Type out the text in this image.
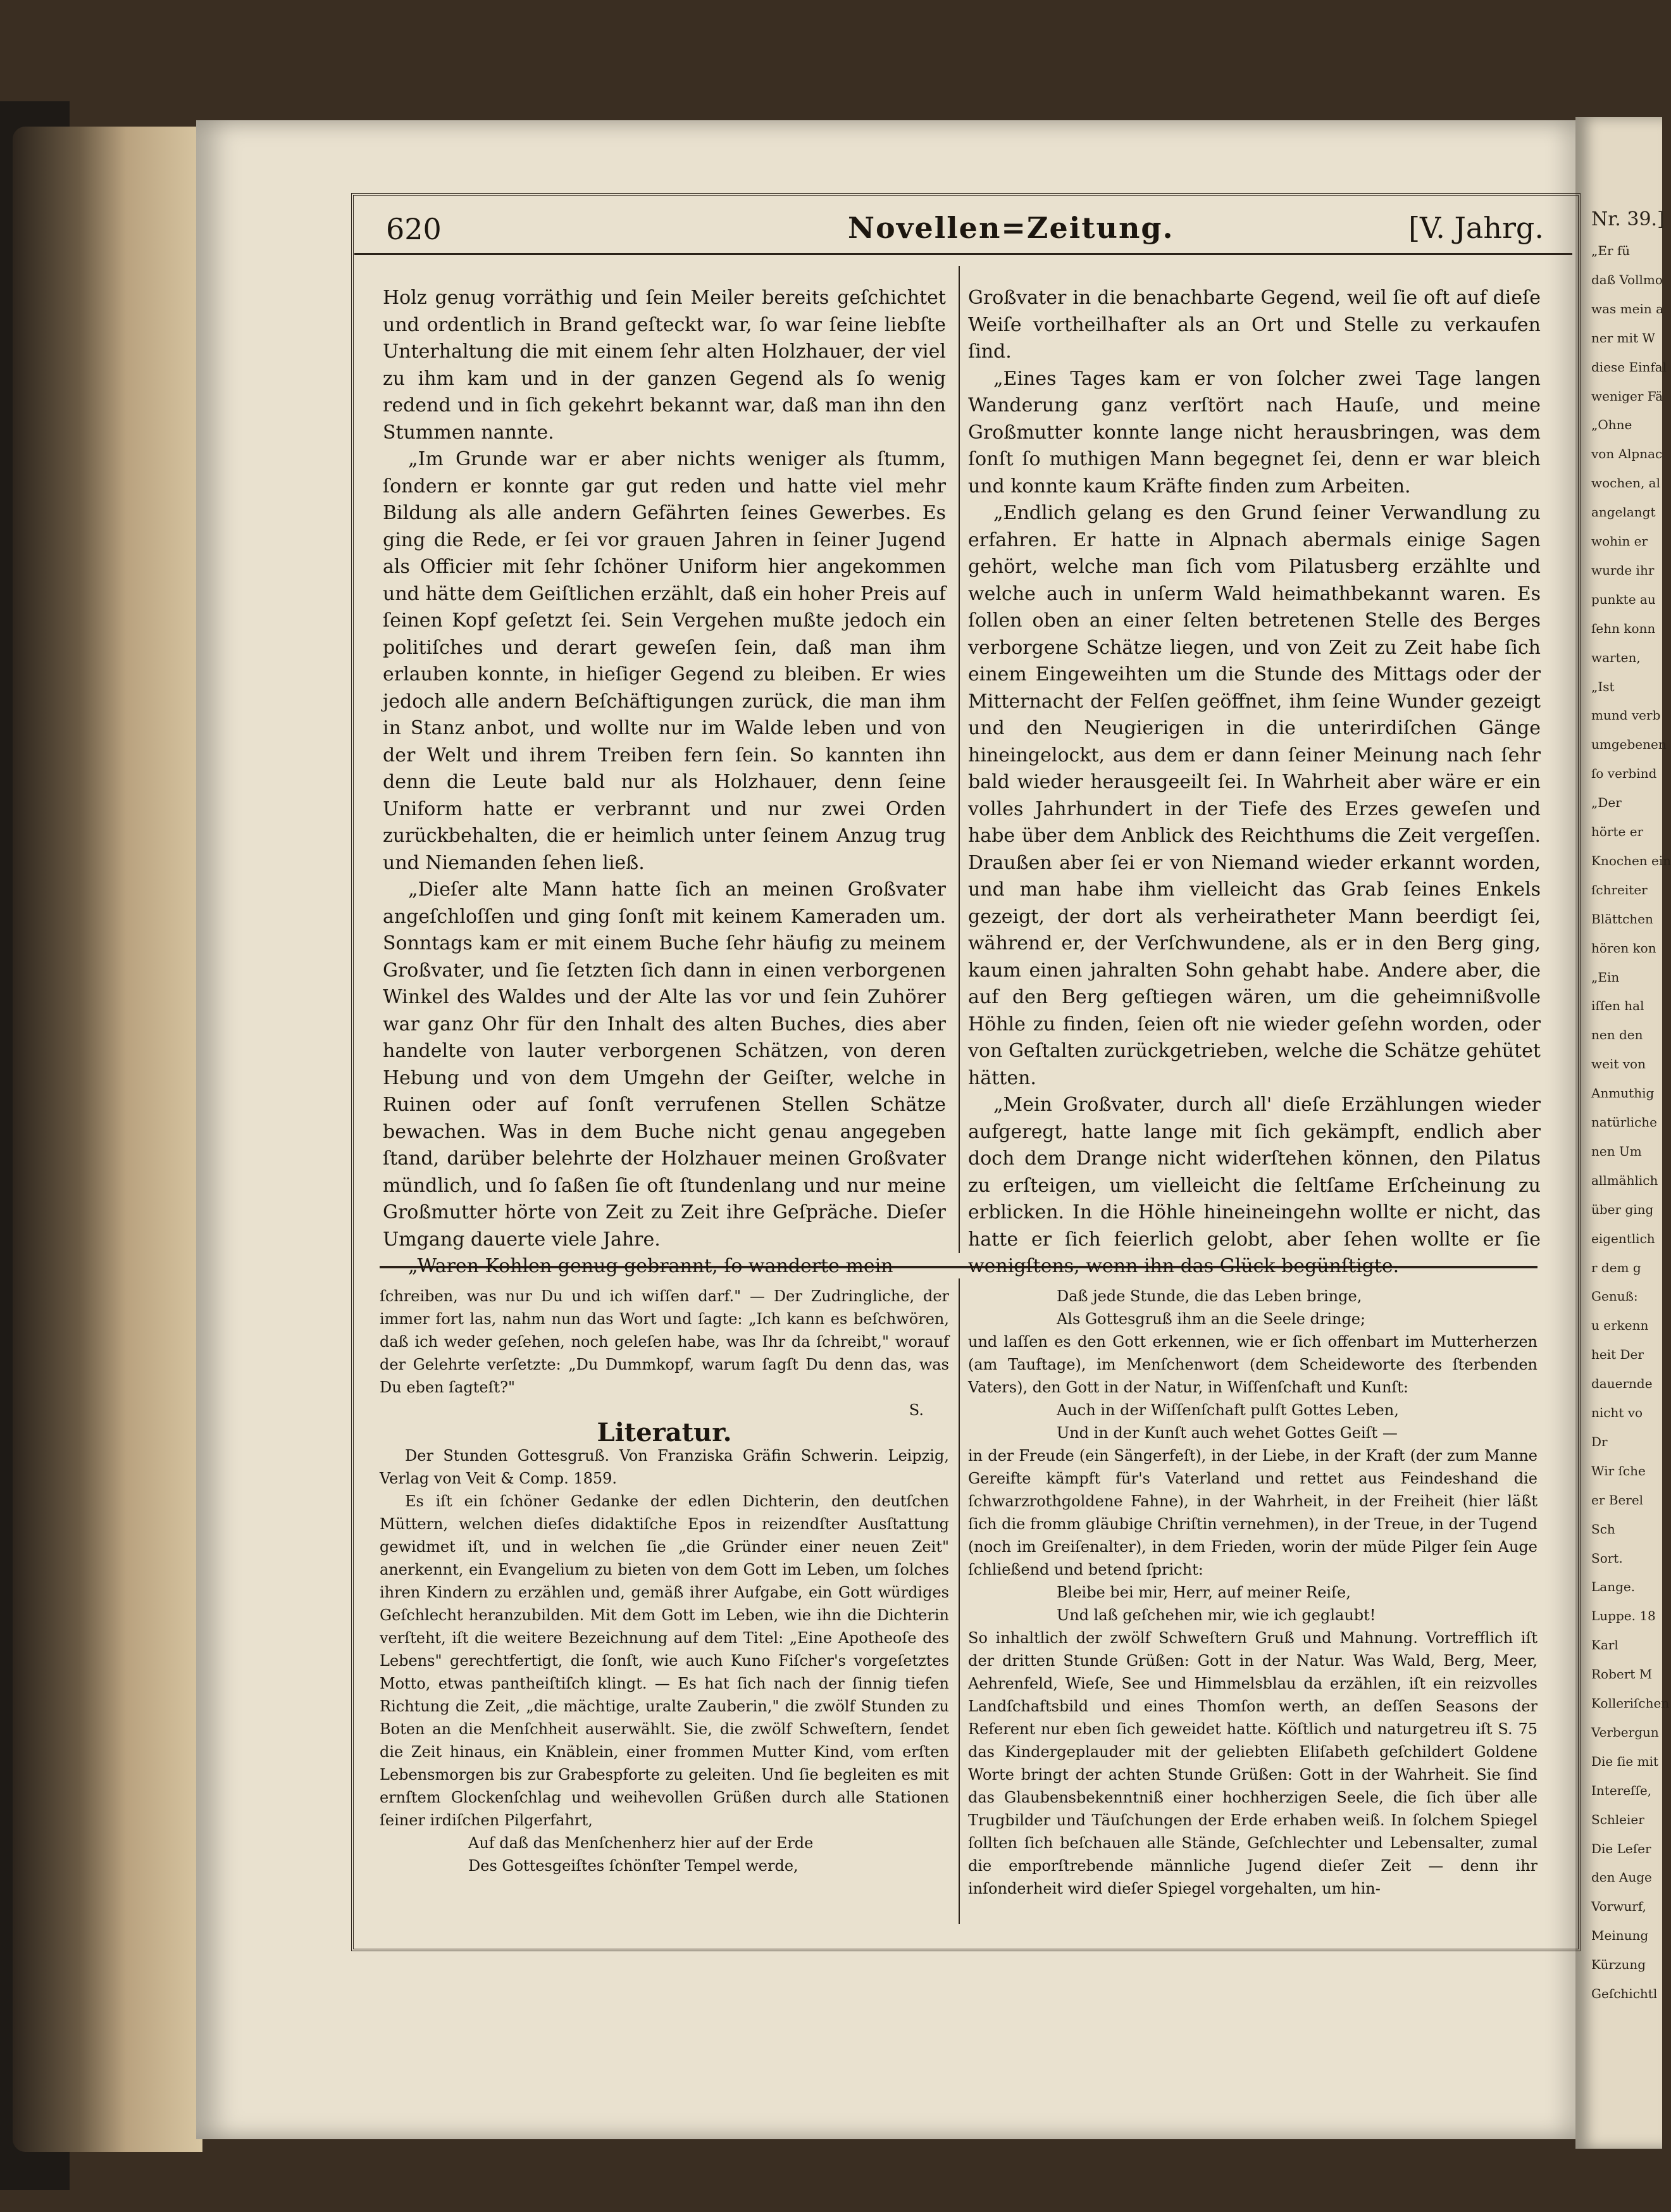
Nr. 39.]
„Er fü
daß Vollmo
was mein a
ner mit W
diese Einfal
weniger Fä
„Ohne
von Alpnac
wochen, al
angelangt
wohin er
wurde ihr
punkte au
ſehn konn
warten,
„Ist
mund verb
umgebenen
ſo verbind
„Der
hörte er
Knochen ein
ſchreiter
Blättchen
hören kon
„Ein
iſſen hal
nen den
weit von
Anmuthig
natürliche
nen Um
allmählich
über ging
eigentlich
r dem g
Genuß:
u erkenn
heit Der
dauernde
nicht vo
Dr
Wir ſche
er Berel
Sch
Sort.
Lange.
Luppe. 18
Karl
Robert M
Kolleriſchen
Verbergun
Die ſie mit
Intereſſe,
Schleier
Die Leſer
den Auge
Vorwurf,
Meinung
Kürzung
Geſchichtl
620	Novellen=Zeitung.	[V. Jahrg.

Holz genug vorräthig und ſein Meiler bereits geſchichtet und ordentlich in Brand geſteckt war, ſo war ſeine liebſte Unterhaltung die mit einem ſehr alten Holzhauer, der viel zu ihm kam und in der ganzen Gegend als ſo wenig redend und in ſich gekehrt bekannt war, daß man ihn den Stummen nannte.

„Im Grunde war er aber nichts weniger als ſtumm, ſondern er konnte gar gut reden und hatte viel mehr Bildung als alle andern Gefährten ſeines Gewerbes. Es ging die Rede, er ſei vor grauen Jahren in ſeiner Jugend als Officier mit ſehr ſchöner Uniform hier angekommen und hätte dem Geiſtlichen erzählt, daß ein hoher Preis auf ſeinen Kopf geſetzt ſei. Sein Vergehen mußte jedoch ein politiſches und derart geweſen ſein, daß man ihm erlauben konnte, in hieſiger Gegend zu bleiben. Er wies jedoch alle andern Beſchäftigungen zurück, die man ihm in Stanz anbot, und wollte nur im Walde leben und von der Welt und ihrem Treiben fern ſein. So kannten ihn denn die Leute bald nur als Holzhauer, denn ſeine Uniform hatte er verbrannt und nur zwei Orden zurückbehalten, die er heimlich unter ſeinem Anzug trug und Niemanden ſehen ließ.

„Dieſer alte Mann hatte ſich an meinen Großvater angeſchloſſen und ging ſonſt mit keinem Kameraden um. Sonntags kam er mit einem Buche ſehr häufig zu meinem Großvater, und ſie ſetzten ſich dann in einen verborgenen Winkel des Waldes und der Alte las vor und ſein Zuhörer war ganz Ohr für den Inhalt des alten Buches, dies aber handelte von lauter verborgenen Schätzen, von deren Hebung und von dem Umgehn der Geiſter, welche in Ruinen oder auf ſonſt verrufenen Stellen Schätze bewachen. Was in dem Buche nicht genau angegeben ſtand, darüber belehrte der Holzhauer meinen Großvater mündlich, und ſo ſaßen ſie oft ſtundenlang und nur meine Großmutter hörte von Zeit zu Zeit ihre Geſpräche. Dieſer Umgang dauerte viele Jahre.

„Waren Kohlen genug gebrannt, ſo wanderte mein

Großvater in die benachbarte Gegend, weil ſie oft auf dieſe Weiſe vortheilhafter als an Ort und Stelle zu verkaufen ſind.

„Eines Tages kam er von ſolcher zwei Tage langen Wanderung ganz verſtört nach Hauſe, und meine Großmutter konnte lange nicht herausbringen, was dem ſonſt ſo muthigen Mann begegnet ſei, denn er war bleich und konnte kaum Kräfte finden zum Arbeiten.

„Endlich gelang es den Grund ſeiner Verwandlung zu erfahren. Er hatte in Alpnach abermals einige Sagen gehört, welche man ſich vom Pilatusberg erzählte und welche auch in unſerm Wald heimathbekannt waren. Es ſollen oben an einer ſelten betretenen Stelle des Berges verborgene Schätze liegen, und von Zeit zu Zeit habe ſich einem Eingeweihten um die Stunde des Mittags oder der Mitternacht der Felſen geöffnet, ihm ſeine Wunder gezeigt und den Neugierigen in die unterirdiſchen Gänge hineingelockt, aus dem er dann ſeiner Meinung nach ſehr bald wieder herausgeeilt ſei. In Wahrheit aber wäre er ein volles Jahrhundert in der Tiefe des Erzes geweſen und habe über dem Anblick des Reichthums die Zeit vergeſſen. Draußen aber ſei er von Niemand wieder erkannt worden, und man habe ihm vielleicht das Grab ſeines Enkels gezeigt, der dort als verheiratheter Mann beerdigt ſei, während er, der Verſchwundene, als er in den Berg ging, kaum einen jahralten Sohn gehabt habe. Andere aber, die auf den Berg geſtiegen wären, um die geheimnißvolle Höhle zu finden, ſeien oft nie wieder geſehn worden, oder von Geſtalten zurückgetrieben, welche die Schätze gehütet hätten.

„Mein Großvater, durch all' dieſe Erzählungen wieder aufgeregt, hatte lange mit ſich gekämpft, endlich aber doch dem Drange nicht widerſtehen können, den Pilatus zu erſteigen, um vielleicht die ſeltſame Erſcheinung zu erblicken. In die Höhle hineineingehn wollte er nicht, das hatte er ſich feierlich gelobt, aber ſehen wollte er ſie wenigſtens, wenn ihn das Glück begünſtigte.

ſchreiben, was nur Du und ich wiſſen darf." — Der Zudringliche, der immer fort las, nahm nun das Wort und ſagte: „Ich kann es beſchwören, daß ich weder geſehen, noch geleſen habe, was Ihr da ſchreibt," worauf der Gelehrte verſetzte: „Du Dummkopf, warum ſagſt Du denn das, was Du eben ſagteſt?"

S.

Literatur.

Der Stunden Gottesgruß. Von Franziska Gräfin Schwerin. Leipzig, Verlag von Veit & Comp. 1859.

Es iſt ein ſchöner Gedanke der edlen Dichterin, den deutſchen Müttern, welchen dieſes didaktiſche Epos in reizendſter Ausſtattung gewidmet iſt, und in welchen ſie „die Gründer einer neuen Zeit" anerkennt, ein Evangelium zu bieten von dem Gott im Leben, um ſolches ihren Kindern zu erzählen und, gemäß ihrer Aufgabe, ein Gott würdiges Geſchlecht heranzubilden. Mit dem Gott im Leben, wie ihn die Dichterin verſteht, iſt die weitere Bezeichnung auf dem Titel: „Eine Apotheoſe des Lebens" gerechtfertigt, die ſonſt, wie auch Kuno Fiſcher's vorgeſetztes Motto, etwas pantheiſtiſch klingt. — Es hat ſich nach der ſinnig tiefen Richtung die Zeit, „die mächtige, uralte Zauberin," die zwölf Stunden zu Boten an die Menſchheit auserwählt. Sie, die zwölf Schweſtern, ſendet die Zeit hinaus, ein Knäblein, einer frommen Mutter Kind, vom erſten Lebensmorgen bis zur Grabespforte zu geleiten. Und ſie begleiten es mit ernſtem Glockenſchlag und weihevollen Grüßen durch alle Stationen ſeiner irdiſchen Pilgerfahrt,

Auf daß das Menſchenherz hier auf der Erde

Des Gottesgeiſtes ſchönſter Tempel werde,

Daß jede Stunde, die das Leben bringe,

Als Gottesgruß ihm an die Seele dringe;

und laſſen es den Gott erkennen, wie er ſich offenbart im Mutterherzen (am Tauftage), im Menſchenwort (dem Scheideworte des ſterbenden Vaters), den Gott in der Natur, in Wiſſenſchaft und Kunſt:

Auch in der Wiſſenſchaft pulſt Gottes Leben,

Und in der Kunſt auch wehet Gottes Geiſt —

in der Freude (ein Sängerfeſt), in der Liebe, in der Kraft (der zum Manne Gereifte kämpft für's Vaterland und rettet aus Feindeshand die ſchwarzrothgoldene Fahne), in der Wahrheit, in der Freiheit (hier läßt ſich die fromm gläubige Chriſtin vernehmen), in der Treue, in der Tugend (noch im Greiſenalter), in dem Frieden, worin der müde Pilger ſein Auge ſchließend und betend ſpricht:

Bleibe bei mir, Herr, auf meiner Reiſe,

Und laß geſchehen mir, wie ich geglaubt!

So inhaltlich der zwölf Schweſtern Gruß und Mahnung. Vortrefflich iſt der dritten Stunde Grüßen: Gott in der Natur. Was Wald, Berg, Meer, Aehrenfeld, Wieſe, See und Himmelsblau da erzählen, iſt ein reizvolles Landſchaftsbild und eines Thomſon werth, an deſſen Seasons der Referent nur eben ſich geweidet hatte. Köſtlich und naturgetreu iſt S. 75 das Kindergeplauder mit der geliebten Eliſabeth geſchildert Goldene Worte bringt der achten Stunde Grüßen: Gott in der Wahrheit. Sie ſind das Glaubensbekenntniß einer hochherzigen Seele, die ſich über alle Trugbilder und Täuſchungen der Erde erhaben weiß. In ſolchem Spiegel ſollten ſich beſchauen alle Stände, Geſchlechter und Lebensalter, zumal die emporſtrebende männliche Jugend dieſer Zeit — denn ihr inſonderheit wird dieſer Spiegel vorgehalten, um hin-
